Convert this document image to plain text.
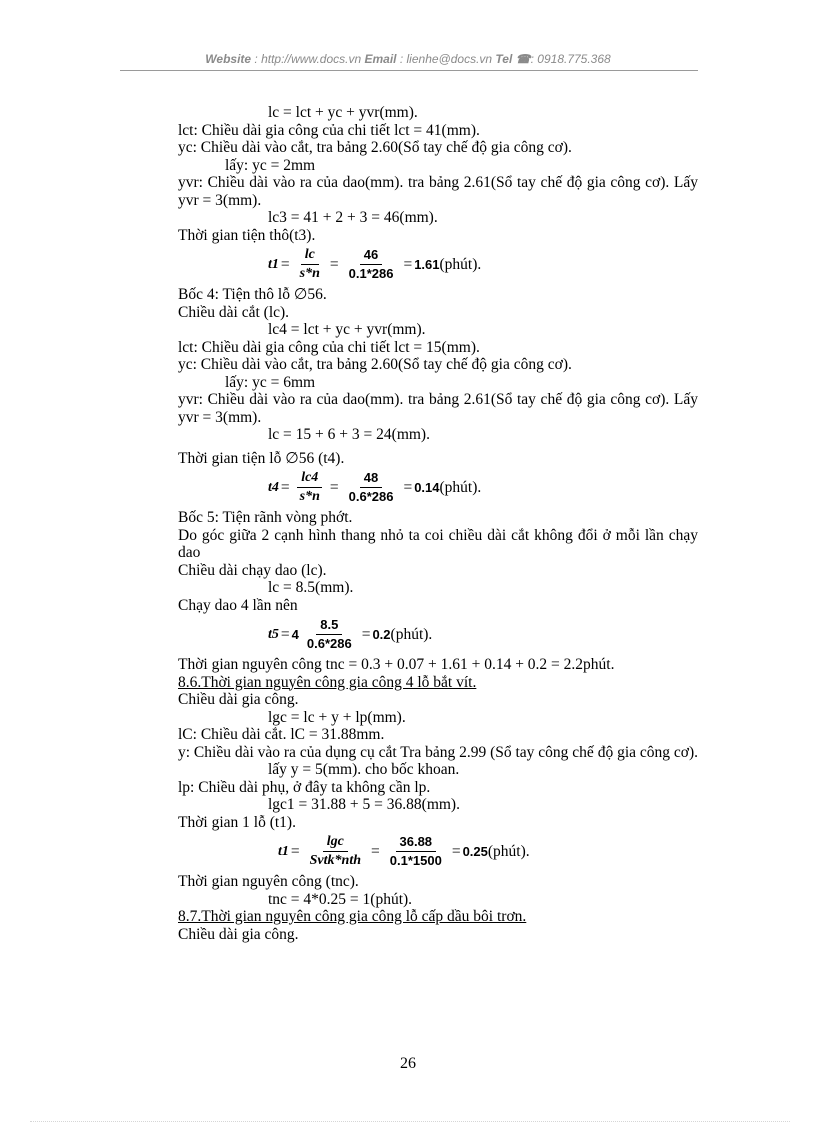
Website : http://www.docs.vn Email : lienhe@docs.vn Tel ☎: 0918.775.368
lc = lct + yc + yvr(mm).
lct: Chiều dài gia công của chi tiết lct = 41(mm).
yc: Chiều dài vào cắt, tra bảng 2.60(Sổ tay chế độ gia công cơ).
lấy: yc = 2mm
yvr: Chiều dài vào ra của dao(mm). tra bảng 2.61(Sổ tay chế độ gia công cơ). Lấy yvr = 3(mm).
lc3 = 41 + 2 + 3 = 46(mm).
Thời gian tiện thô(t3).
$t1 = \frac{lc}{s*n} = \frac{46}{0.1*286} = 1.61$ (phút).
Bốc 4: Tiện thô lỗ ∅56.
Chiều dài cắt (lc).
lc4 = lct + yc + yvr(mm).
lct: Chiều dài gia công của chi tiết lct = 15(mm).
yc: Chiều dài vào cắt, tra bảng 2.60(Sổ tay chế độ gia công cơ).
lấy: yc = 6mm
yvr: Chiều dài vào ra của dao(mm). tra bảng 2.61(Sổ tay chế độ gia công cơ). Lấy yvr = 3(mm).
lc = 15 + 6 + 3 = 24(mm).
Thời gian tiện lỗ ∅56 (t4).
$t4 = \frac{lc4}{s*n} = \frac{48}{0.6*286} = 0.14$ (phút).
Bốc 5: Tiện rãnh vòng phớt.
Do góc giữa 2 cạnh hình thang nhỏ ta coi chiều dài cắt không đổi ở mỗi lần chạy dao
Chiều dài chạy dao (lc).
lc = 8.5(mm).
Chạy dao 4 lần nên
$t5 = 4 \frac{8.5}{0.6*286} = 0.2$ (phút).
Thời gian nguyên công tnc = 0.3 + 0.07 + 1.61 + 0.14 + 0.2 = 2.2phút.
8.6.Thời gian nguyên công gia công 4 lỗ bắt vít.
Chiều dài gia công.
lgc = lc + y + lp(mm).
lC: Chiều dài cắt. lC = 31.88mm.
y: Chiều dài vào ra của dụng cụ cắt Tra bảng 2.99 (Sổ tay công chế độ gia công cơ).
lấy y = 5(mm). cho bốc khoan.
lp: Chiều dài phụ, ở đây ta không cần lp.
lgc1 = 31.88 + 5 = 36.88(mm).
Thời gian 1 lỗ (t1).
$t1 = \frac{\lg c}{\text{Svtk*nth}} = \frac{36.88}{0.1*1500} = 0.25$ (phút).
Thời gian nguyên công (tnc).
tnc = 4*0.25 = 1(phút).
8.7.Thời gian nguyên công gia công lỗ cấp dầu bôi trơn.
Chiều dài gia công.
26
